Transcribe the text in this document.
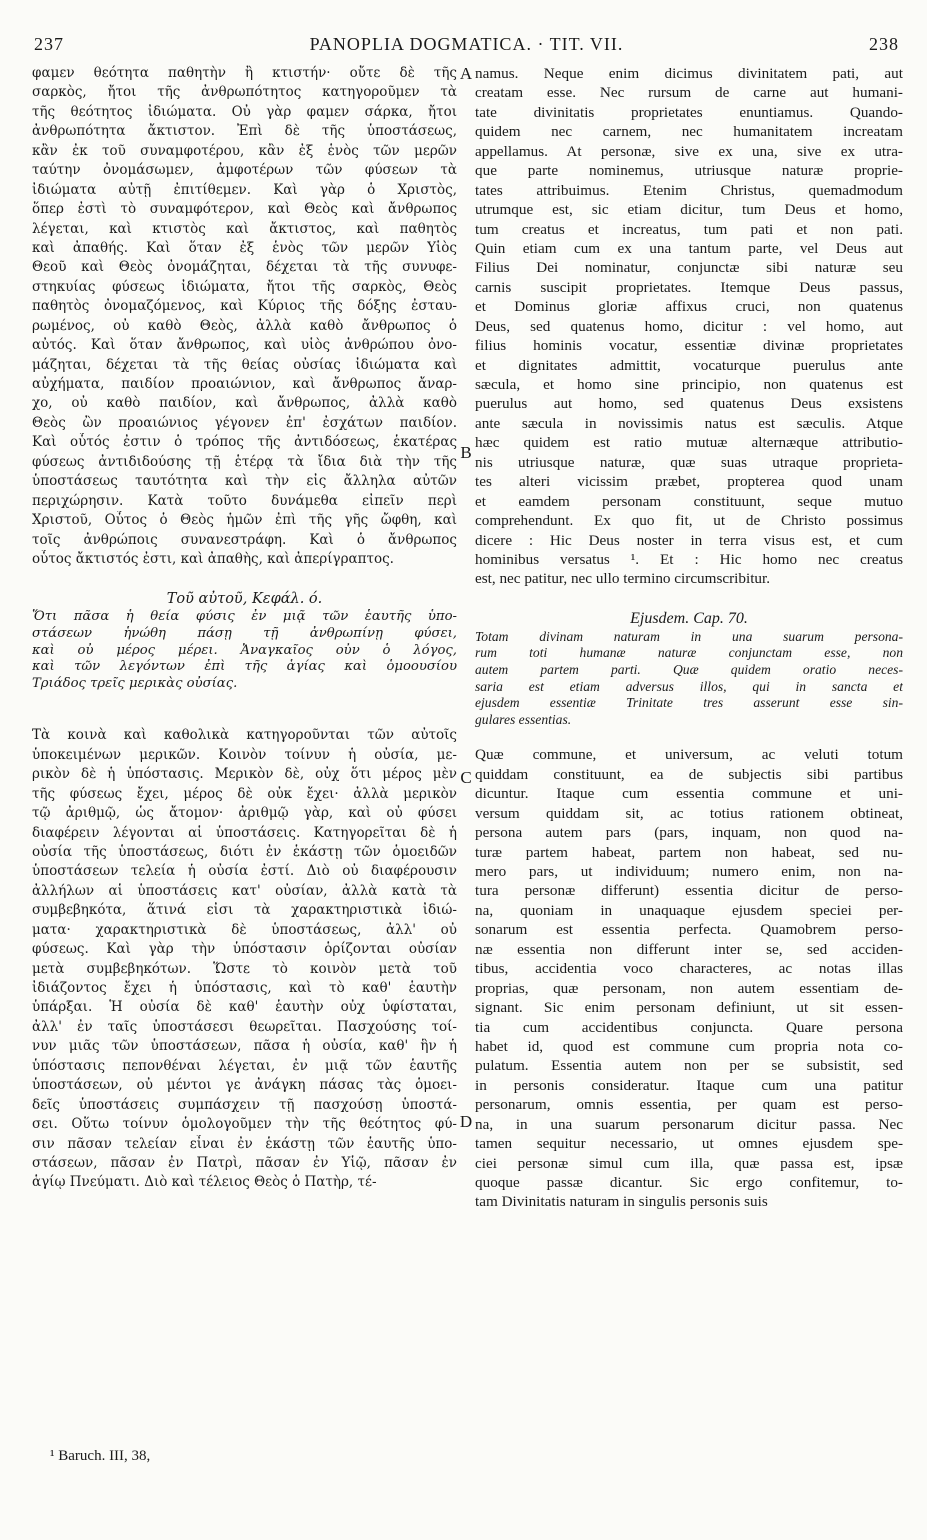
237	PANOPLIA DOGMATICA. · TIT. VII.	238
φαμεν θεότητα παθητὴν ἢ κτιστήν· οὔτε δὲ τῆς
σαρκὸς, ἤτοι τῆς ἀνθρωπότητος κατηγοροῦμεν τὰ
τῆς θεότητος ἰδιώματα. Οὐ γὰρ φαμεν σάρκα, ἤτοι
ἀνθρωπότητα ἄκτιστον. Ἐπὶ δὲ τῆς ὑποστάσεως,
κἂν ἐκ τοῦ συναμφοτέρου, κἂν ἐξ ἑνὸς τῶν μερῶν
ταύτην ὀνομάσωμεν, ἀμφοτέρων τῶν φύσεων τὰ
ἰδιώματα αὐτῇ ἐπιτίθεμεν. Καὶ γὰρ ὁ Χριστὸς,
ὅπερ ἐστὶ τὸ συναμφότερον, καὶ Θεὸς καὶ ἄνθρωπος
λέγεται, καὶ κτιστὸς καὶ ἄκτιστος, καὶ παθητὸς
καὶ ἀπαθής. Καὶ ὅταν ἐξ ἑνὸς τῶν μερῶν Υἱὸς
Θεοῦ καὶ Θεὸς ὀνομάζηται, δέχεται τὰ τῆς συνυφε-
στηκυίας φύσεως ἰδιώματα, ἤτοι τῆς σαρκὸς, Θεὸς
παθητὸς ὀνομαζόμενος, καὶ Κύριος τῆς δόξης ἐσταυ-
ρωμένος, οὐ καθὸ Θεὸς, ἀλλὰ καθὸ ἄνθρωπος ὁ
αὐτός. Καὶ ὅταν ἄνθρωπος, καὶ υἱὸς ἀνθρώπου ὀνο-
μάζηται, δέχεται τὰ τῆς θείας οὐσίας ἰδιώματα καὶ
αὐχήματα, παιδίον προαιώνιον, καὶ ἄνθρωπος ἄναρ-
χο, οὐ καθὸ παιδίον, καὶ ἄνθρωπος, ἀλλὰ καθὸ
Θεὸς ὢν προαιώνιος γέγονεν ἐπ' ἐσχάτων παιδίον.
Καὶ οὗτός ἐστιν ὁ τρόπος τῆς ἀντιδόσεως, ἑκατέρας
φύσεως ἀντιδιδούσης τῇ ἑτέρᾳ τὰ ἴδια διὰ τὴν τῆς
ὑποστάσεως ταυτότητα καὶ τὴν εἰς ἄλληλα αὐτῶν
περιχώρησιν. Κατὰ τοῦτο δυνάμεθα εἰπεῖν περὶ
Χριστοῦ, Οὗτος ὁ Θεὸς ἡμῶν ἐπὶ τῆς γῆς ὤφθη, καὶ
τοῖς ἀνθρώποις συνανεστράφη. Καὶ ὁ ἄνθρωπος
οὗτος ἄκτιστός ἐστι, καὶ ἀπαθὴς, καὶ ἀπερίγραπτος.
Τοῦ αὐτοῦ, Κεφάλ. ό.
Ὅτι πᾶσα ἡ θεία φύσις ἐν μιᾷ τῶν ἑαυτῆς ὑπο-
στάσεων ἡνώθη πάσῃ τῇ ἀνθρωπίνῃ φύσει,
καὶ οὐ μέρος μέρει. Ἀναγκαῖος οὖν ὁ λόγος,
καὶ τῶν λεγόντων ἐπὶ τῆς ἁγίας καὶ ὁμοουσίου
Τριάδος τρεῖς μερικὰς οὐσίας.
Τὰ κοινὰ καὶ καθολικὰ κατηγοροῦνται τῶν αὐτοῖς
ὑποκειμένων μερικῶν. Κοινὸν τοίνυν ἡ οὐσία, με-
ρικὸν δὲ ἡ ὑπόστασις. Μερικὸν δὲ, οὐχ ὅτι μέρος μὲν
τῆς φύσεως ἔχει, μέρος δὲ οὐκ ἔχει· ἀλλὰ μερικὸν
τῷ ἀριθμῷ, ὡς ἄτομον· ἀριθμῷ γὰρ, καὶ οὐ φύσει
διαφέρειν λέγονται αἱ ὑποστάσεις. Κατηγορεῖται δὲ ἡ
οὐσία τῆς ὑποστάσεως, διότι ἐν ἑκάστῃ τῶν ὁμοειδῶν
ὑποστάσεων τελεία ἡ οὐσία ἐστί. Διὸ οὐ διαφέρουσιν
ἀλλήλων αἱ ὑποστάσεις κατ' οὐσίαν, ἀλλὰ κατὰ τὰ
συμβεβηκότα, ἅτινά εἰσι τὰ χαρακτηριστικὰ ἰδιώ-
ματα· χαρακτηριστικὰ δὲ ὑποστάσεως, ἀλλ' οὐ
φύσεως. Καὶ γὰρ τὴν ὑπόστασιν ὁρίζονται οὐσίαν
μετὰ συμβεβηκότων. Ὥστε τὸ κοινὸν μετὰ τοῦ
ἰδιάζοντος ἔχει ἡ ὑπόστασις, καὶ τὸ καθ' ἑαυτὴν
ὑπάρξαι. Ἡ οὐσία δὲ καθ' ἑαυτὴν οὐχ ὑφίσταται,
ἀλλ' ἐν ταῖς ὑποστάσεσι θεωρεῖται. Πασχούσης τοί-
νυν μιᾶς τῶν ὑποστάσεων, πᾶσα ἡ οὐσία, καθ' ἣν ἡ
ὑπόστασις πεπονθέναι λέγεται, ἐν μιᾷ τῶν ἑαυτῆς
ὑποστάσεων, οὐ μέντοι γε ἀνάγκη πάσας τὰς ὁμοει-
δεῖς ὑποστάσεις συμπάσχειν τῇ πασχούσῃ ὑποστά-
σει. Οὕτω τοίνυν ὁμολογοῦμεν τὴν τῆς θεότητος φύ-
σιν πᾶσαν τελείαν εἶναι ἐν ἑκάστῃ τῶν ἑαυτῆς ὑπο-
στάσεων, πᾶσαν ἐν Πατρὶ, πᾶσαν ἐν Υἱῷ, πᾶσαν ἐν
ἁγίῳ Πνεύματι. Διὸ καὶ τέλειος Θεὸς ὁ Πατὴρ, τέ-
namus. Neque enim dicimus divinitatem pati, aut
creatam esse. Nec rursum de carne aut humani-
tate divinitatis proprietates enuntiamus. Quando-
quidem nec carnem, nec humanitatem increatam
appellamus. At personæ, sive ex una, sive ex utra-
que parte nominemus, utriusque naturæ proprie-
tates attribuimus. Etenim Christus, quemadmodum
utrumque est, sic etiam dicitur, tum Deus et homo,
tum creatus et increatus, tum pati et non pati.
Quin etiam cum ex una tantum parte, vel Deus aut
Filius Dei nominatur, conjunctæ sibi naturæ seu
carnis suscipit proprietates. Itemque Deus passus,
et Dominus gloriæ affixus cruci, non quatenus
Deus, sed quatenus homo, dicitur : vel homo, aut
filius hominis vocatur, essentiæ divinæ proprietates
et dignitates admittit, vocaturque puerulus ante
sæcula, et homo sine principio, non quatenus est
puerulus aut homo, sed quatenus Deus exsistens
ante sæcula in novissimis natus est sæculis. Atque
hæc quidem est ratio mutuæ alternæque attributio-
nis utriusque naturæ, quæ suas utraque proprieta-
tes alteri vicissim præbet, propterea quod unam
et eamdem personam constituunt, seque mutuo
comprehendunt. Ex quo fit, ut de Christo possimus
dicere : Hic Deus noster in terra visus est, et cum
hominibus versatus ¹. Et : Hic homo nec creatus
est, nec patitur, nec ullo termino circumscribitur.
Ejusdem. Cap. 70.
Totam divinam naturam in una suarum persona-
rum toti humanæ naturæ conjunctam esse, non
autem partem parti. Quæ quidem oratio neces-
saria est etiam adversus illos, qui in sancta et
ejusdem essentiæ Trinitate tres asserunt esse sin-
gulares essentias.
Quæ commune, et universum, ac veluti totum
quiddam constituunt, ea de subjectis sibi partibus
dicuntur. Itaque cum essentia commune et uni-
versum quiddam sit, ac totius rationem obtineat,
persona autem pars (pars, inquam, non quod na-
turæ partem habeat, partem non habeat, sed nu-
mero pars, ut individuum; numero enim, non na-
tura personæ differunt) essentia dicitur de perso-
na, quoniam in unaquaque ejusdem speciei per-
sonarum est essentia perfecta. Quamobrem perso-
næ essentia non differunt inter se, sed acciden-
tibus, accidentia voco characteres, ac notas illas
proprias, quæ personam, non autem essentiam de-
signant. Sic enim personam definiunt, ut sit essen-
tia cum accidentibus conjuncta. Quare persona
habet id, quod est commune cum propria nota co-
pulatum. Essentia autem non per se subsistit, sed
in personis consideratur. Itaque cum una patitur
personarum, omnis essentia, per quam est perso-
na, in una suarum personarum dicitur passa. Nec
tamen sequitur necessario, ut omnes ejusdem spe-
ciei personæ simul cum illa, quæ passa est, ipsæ
quoque passæ dicantur. Sic ergo confitemur, to-
tam Divinitatis naturam in singulis personis suis
A
B
C
D
¹ Baruch. III, 38,
